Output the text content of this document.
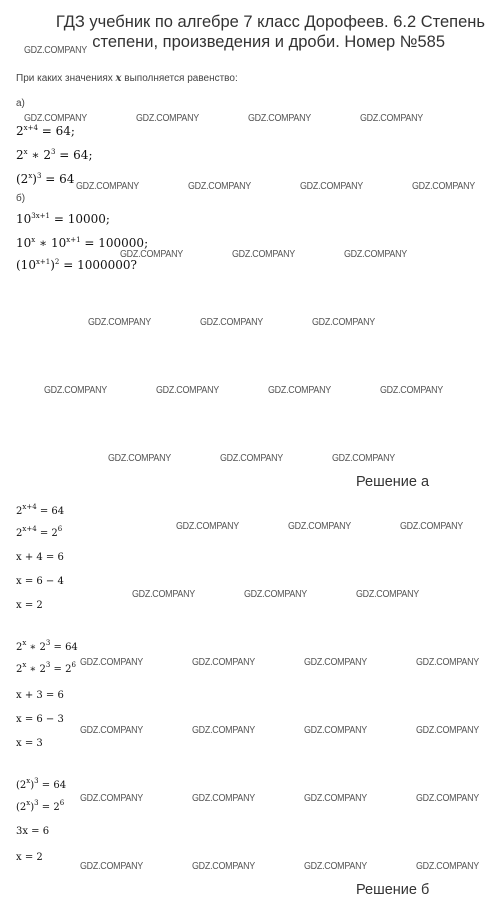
ГДЗ учебник по алгебре 7 класс Дорофеев. 6.2 Степень
степени, произведения и дроби. Номер №585
При каких значениях x выполняется равенство:
а)
$2^{x+4} = 64$;
2$^x$ ∗ $2^3 = 64$;
$(2^x)^3 = 64$
б)
$10^{3x+1} = 10000$;
10$^x$ ∗ $10^{x+1} = 100000$;
$(10^{x+1})^2 = 1000000$?
Решение а
$2^{x+4} = 64$
$2^{x+4} = 2^6$
x + 4 = 6
x = 6 − 4
x = 2
2$^x$ ∗ $2^3 = 64$
2$^x$ ∗ $2^3 = 2^6$
x + 3 = 6
x = 6 − 3
x = 3
$(2^x)^3 = 64$
$(2^x)^3 = 2^6$
3x = 6
x = 2
Решение б
GDZ.COMPANY
GDZ.COMPANY	GDZ.COMPANY	GDZ.COMPANY	GDZ.COMPANY
GDZ.COMPANY	GDZ.COMPANY	GDZ.COMPANY	GDZ.COMPANY
GDZ.COMPANY	GDZ.COMPANY	GDZ.COMPANY
GDZ.COMPANY	GDZ.COMPANY	GDZ.COMPANY
GDZ.COMPANY	GDZ.COMPANY	GDZ.COMPANY	GDZ.COMPANY
GDZ.COMPANY	GDZ.COMPANY	GDZ.COMPANY
GDZ.COMPANY	GDZ.COMPANY	GDZ.COMPANY
GDZ.COMPANY	GDZ.COMPANY	GDZ.COMPANY
GDZ.COMPANY	GDZ.COMPANY	GDZ.COMPANY	GDZ.COMPANY
GDZ.COMPANY	GDZ.COMPANY	GDZ.COMPANY	GDZ.COMPANY
GDZ.COMPANY	GDZ.COMPANY	GDZ.COMPANY	GDZ.COMPANY
GDZ.COMPANY	GDZ.COMPANY	GDZ.COMPANY	GDZ.COMPANY
